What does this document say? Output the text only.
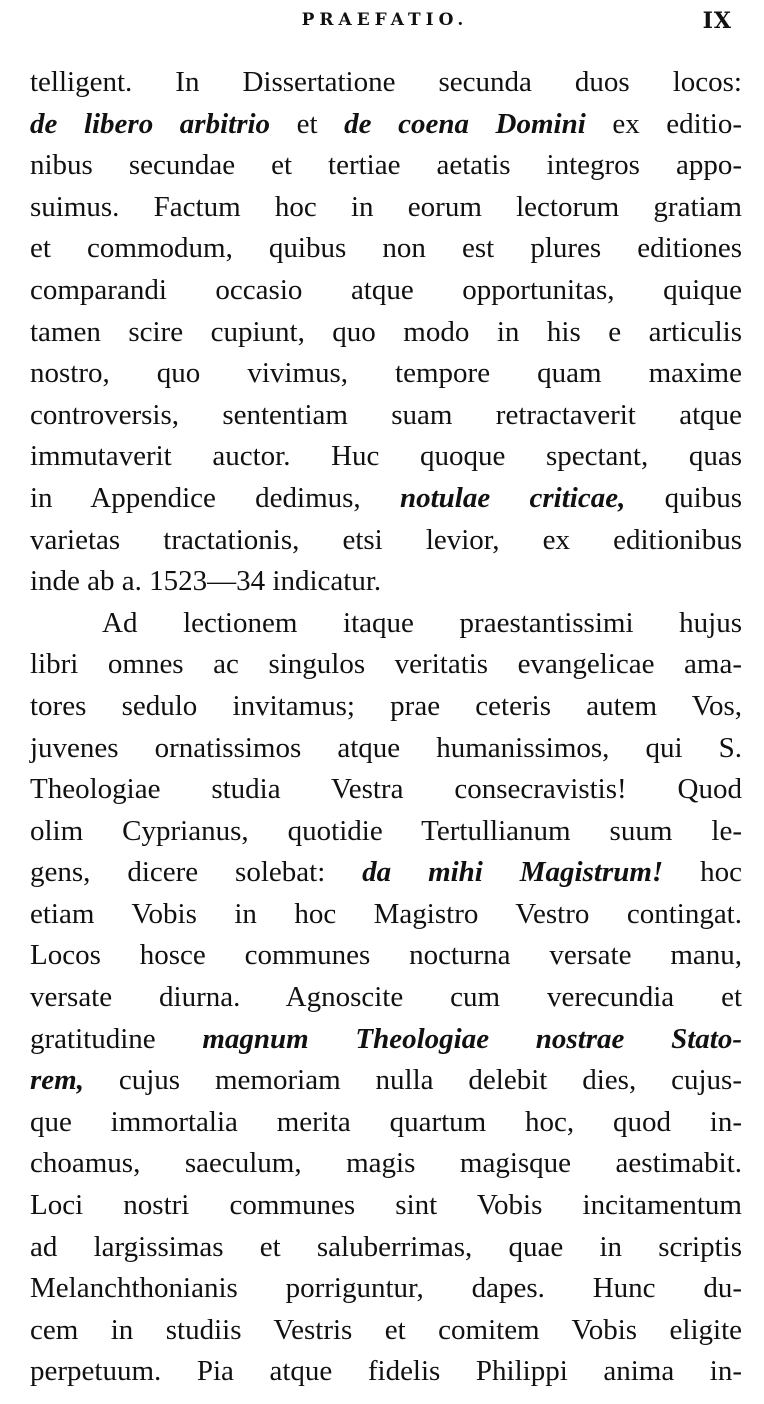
PRAEFATIO.	IX
telligent. In Dissertatione secunda duos locos:
de libero arbitrio et de coena Domini ex editio-
nibus secundae et tertiae aetatis integros appo-
suimus. Factum hoc in eorum lectorum gratiam
et commodum, quibus non est plures editiones
comparandi occasio atque opportunitas, quique
tamen scire cupiunt, quo modo in his e articulis
nostro, quo vivimus, tempore quam maxime
controversis, sententiam suam retractaverit atque
immutaverit auctor. Huc quoque spectant, quas
in Appendice dedimus, notulae criticae, quibus
varietas tractationis, etsi levior, ex editionibus
inde ab a. 1523—34 indicatur.
Ad lectionem itaque praestantissimi hujus
libri omnes ac singulos veritatis evangelicae ama-
tores sedulo invitamus; prae ceteris autem Vos,
juvenes ornatissimos atque humanissimos, qui S.
Theologiae studia Vestra consecravistis! Quod
olim Cyprianus, quotidie Tertullianum suum le-
gens, dicere solebat: da mihi Magistrum! hoc
etiam Vobis in hoc Magistro Vestro contingat.
Locos hosce communes nocturna versate manu,
versate diurna. Agnoscite cum verecundia et
gratitudine magnum Theologiae nostrae Stato-
rem, cujus memoriam nulla delebit dies, cujus-
que immortalia merita quartum hoc, quod in-
choamus, saeculum, magis magisque aestimabit.
Loci nostri communes sint Vobis incitamentum
ad largissimas et saluberrimas, quae in scriptis
Melanchthonianis porriguntur, dapes. Hunc du-
cem in studiis Vestris et comitem Vobis eligite
perpetuum. Pia atque fidelis Philippi anima in-
